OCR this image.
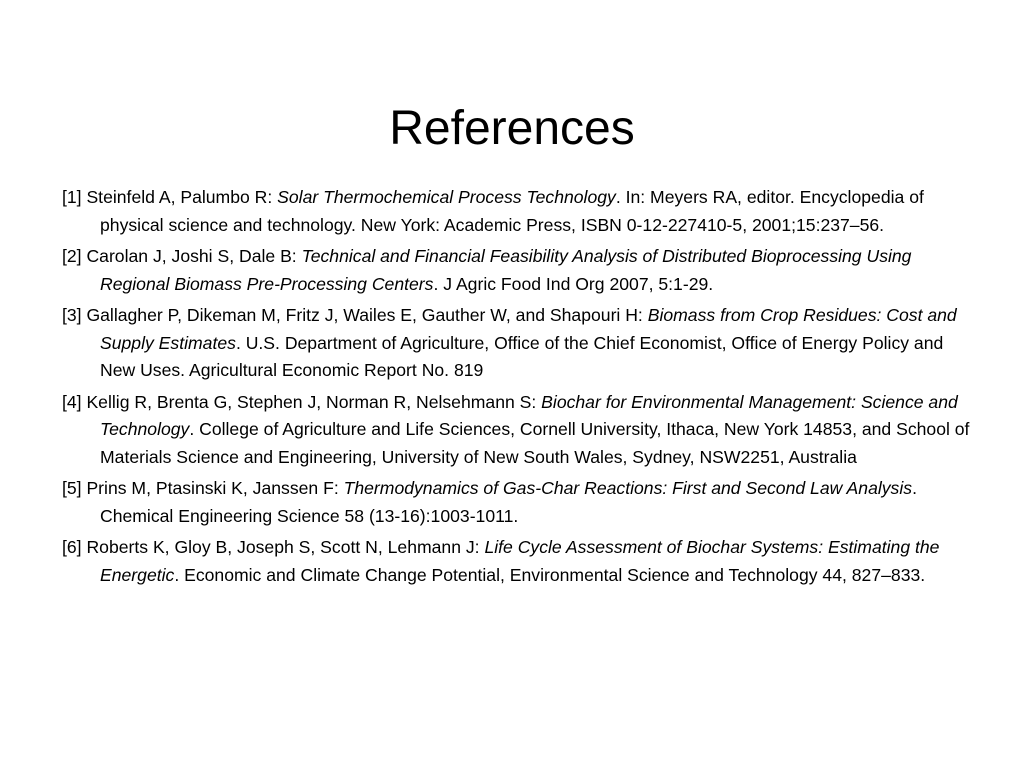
References

[1] Steinfeld A, Palumbo R: Solar Thermochemical Process Technology. In: Meyers RA, editor. Encyclopedia of physical science and technology. New York: Academic Press, ISBN 0-12-227410-5, 2001;15:237–56.

[2] Carolan J, Joshi S, Dale B: Technical and Financial Feasibility Analysis of Distributed Bioprocessing Using Regional Biomass Pre-Processing Centers. J Agric Food Ind Org 2007, 5:1-29.

[3] Gallagher P, Dikeman M, Fritz J, Wailes E, Gauther W, and Shapouri H: Biomass from Crop Residues: Cost and Supply Estimates. U.S. Department of Agriculture, Office of the Chief Economist, Office of Energy Policy and New Uses. Agricultural Economic Report No. 819

[4] Kellig R, Brenta G, Stephen J, Norman R, Nelsehmann S: Biochar for Environmental Management: Science and Technology. College of Agriculture and Life Sciences, Cornell University, Ithaca, New York 14853, and School of Materials Science and Engineering, University of New South Wales, Sydney, NSW2251, Australia

[5] Prins M, Ptasinski K, Janssen F: Thermodynamics of Gas-Char Reactions: First and Second Law Analysis. Chemical Engineering Science 58 (13-16):1003-1011.

[6] Roberts K, Gloy B, Joseph S, Scott N, Lehmann J: Life Cycle Assessment of Biochar Systems: Estimating the Energetic. Economic and Climate Change Potential, Environmental Science and Technology 44, 827–833.
